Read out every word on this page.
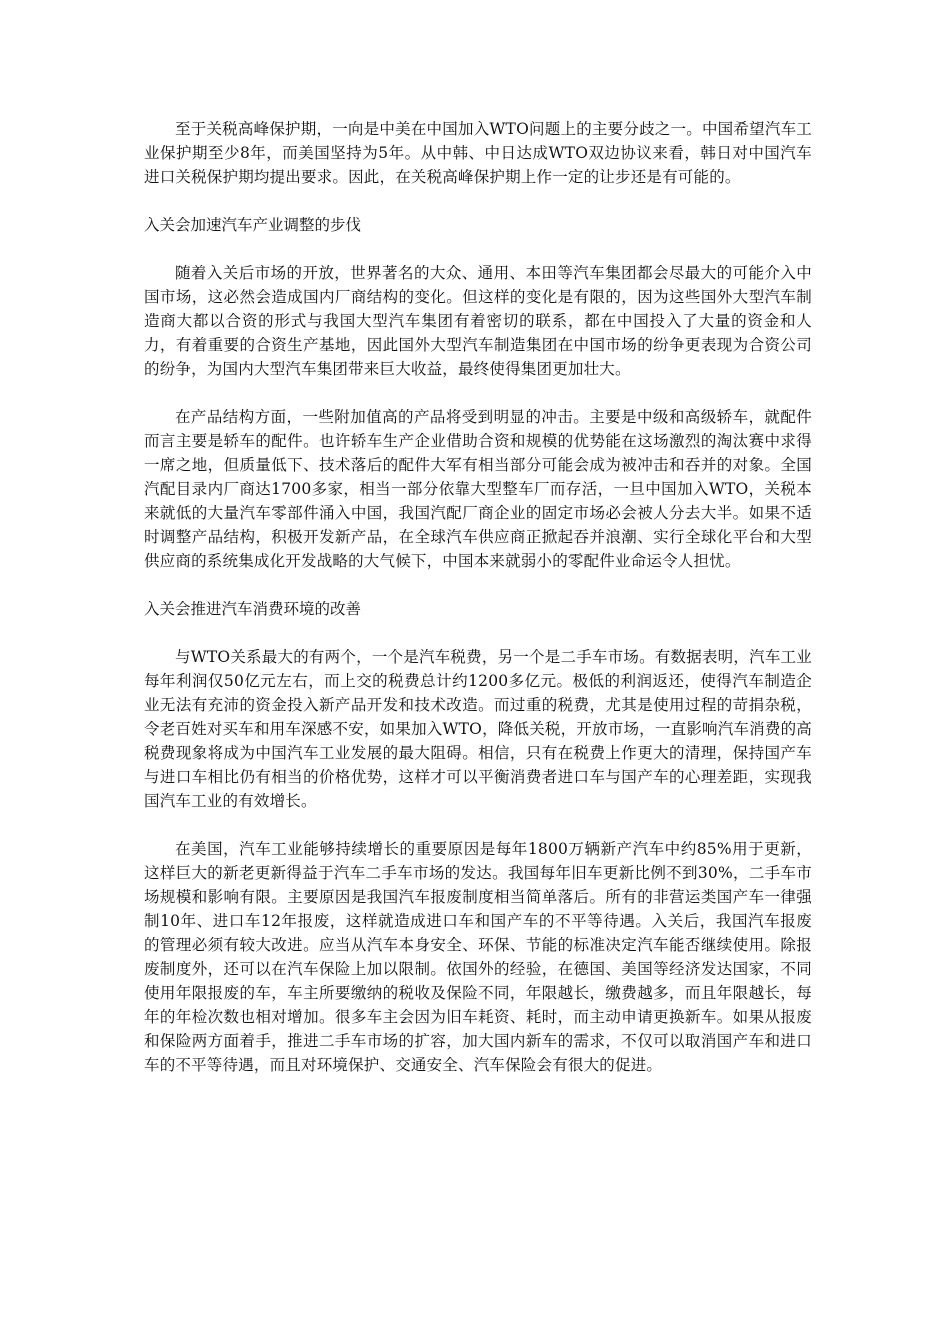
至于关税高峰保护期，一向是中美在中国加入WTO问题上的主要分歧之一。中国希望汽车工业保护期至少8年，而美国坚持为5年。从中韩、中日达成WTO双边协议来看，韩日对中国汽车进口关税保护期均提出要求。因此，在关税高峰保护期上作一定的让步还是有可能的。

入关会加速汽车产业调整的步伐

随着入关后市场的开放，世界著名的大众、通用、本田等汽车集团都会尽最大的可能介入中国市场，这必然会造成国内厂商结构的变化。但这样的变化是有限的，因为这些国外大型汽车制造商大都以合资的形式与我国大型汽车集团有着密切的联系，都在中国投入了大量的资金和人力，有着重要的合资生产基地，因此国外大型汽车制造集团在中国市场的纷争更表现为合资公司的纷争，为国内大型汽车集团带来巨大收益，最终使得集团更加壮大。

在产品结构方面，一些附加值高的产品将受到明显的冲击。主要是中级和高级轿车，就配件而言主要是轿车的配件。也许轿车生产企业借助合资和规模的优势能在这场激烈的淘汰赛中求得一席之地，但质量低下、技术落后的配件大军有相当部分可能会成为被冲击和吞并的对象。全国汽配目录内厂商达1700多家，相当一部分依靠大型整车厂而存活，一旦中国加入WTO，关税本来就低的大量汽车零部件涌入中国，我国汽配厂商企业的固定市场必会被人分去大半。如果不适时调整产品结构，积极开发新产品，在全球汽车供应商正掀起吞并浪潮、实行全球化平台和大型供应商的系统集成化开发战略的大气候下，中国本来就弱小的零配件业命运令人担忧。

入关会推进汽车消费环境的改善

与WTO关系最大的有两个，一个是汽车税费，另一个是二手车市场。有数据表明，汽车工业每年利润仅50亿元左右，而上交的税费总计约1200多亿元。极低的利润返还，使得汽车制造企业无法有充沛的资金投入新产品开发和技术改造。而过重的税费，尤其是使用过程的苛捐杂税，令老百姓对买车和用车深感不安，如果加入WTO，降低关税，开放市场，一直影响汽车消费的高税费现象将成为中国汽车工业发展的最大阻碍。相信，只有在税费上作更大的清理，保持国产车与进口车相比仍有相当的价格优势，这样才可以平衡消费者进口车与国产车的心理差距，实现我国汽车工业的有效增长。

在美国，汽车工业能够持续增长的重要原因是每年1800万辆新产汽车中约85%用于更新，这样巨大的新老更新得益于汽车二手车市场的发达。我国每年旧车更新比例不到30%，二手车市场规模和影响有限。主要原因是我国汽车报废制度相当简单落后。所有的非营运类国产车一律强制10年、进口车12年报废，这样就造成进口车和国产车的不平等待遇。入关后，我国汽车报废的管理必须有较大改进。应当从汽车本身安全、环保、节能的标准决定汽车能否继续使用。除报废制度外，还可以在汽车保险上加以限制。依国外的经验，在德国、美国等经济发达国家，不同使用年限报废的车，车主所要缴纳的税收及保险不同，年限越长，缴费越多，而且年限越长，每年的年检次数也相对增加。很多车主会因为旧车耗资、耗时，而主动申请更换新车。如果从报废和保险两方面着手，推进二手车市场的扩容，加大国内新车的需求，不仅可以取消国产车和进口车的不平等待遇，而且对环境保护、交通安全、汽车保险会有很大的促进。
